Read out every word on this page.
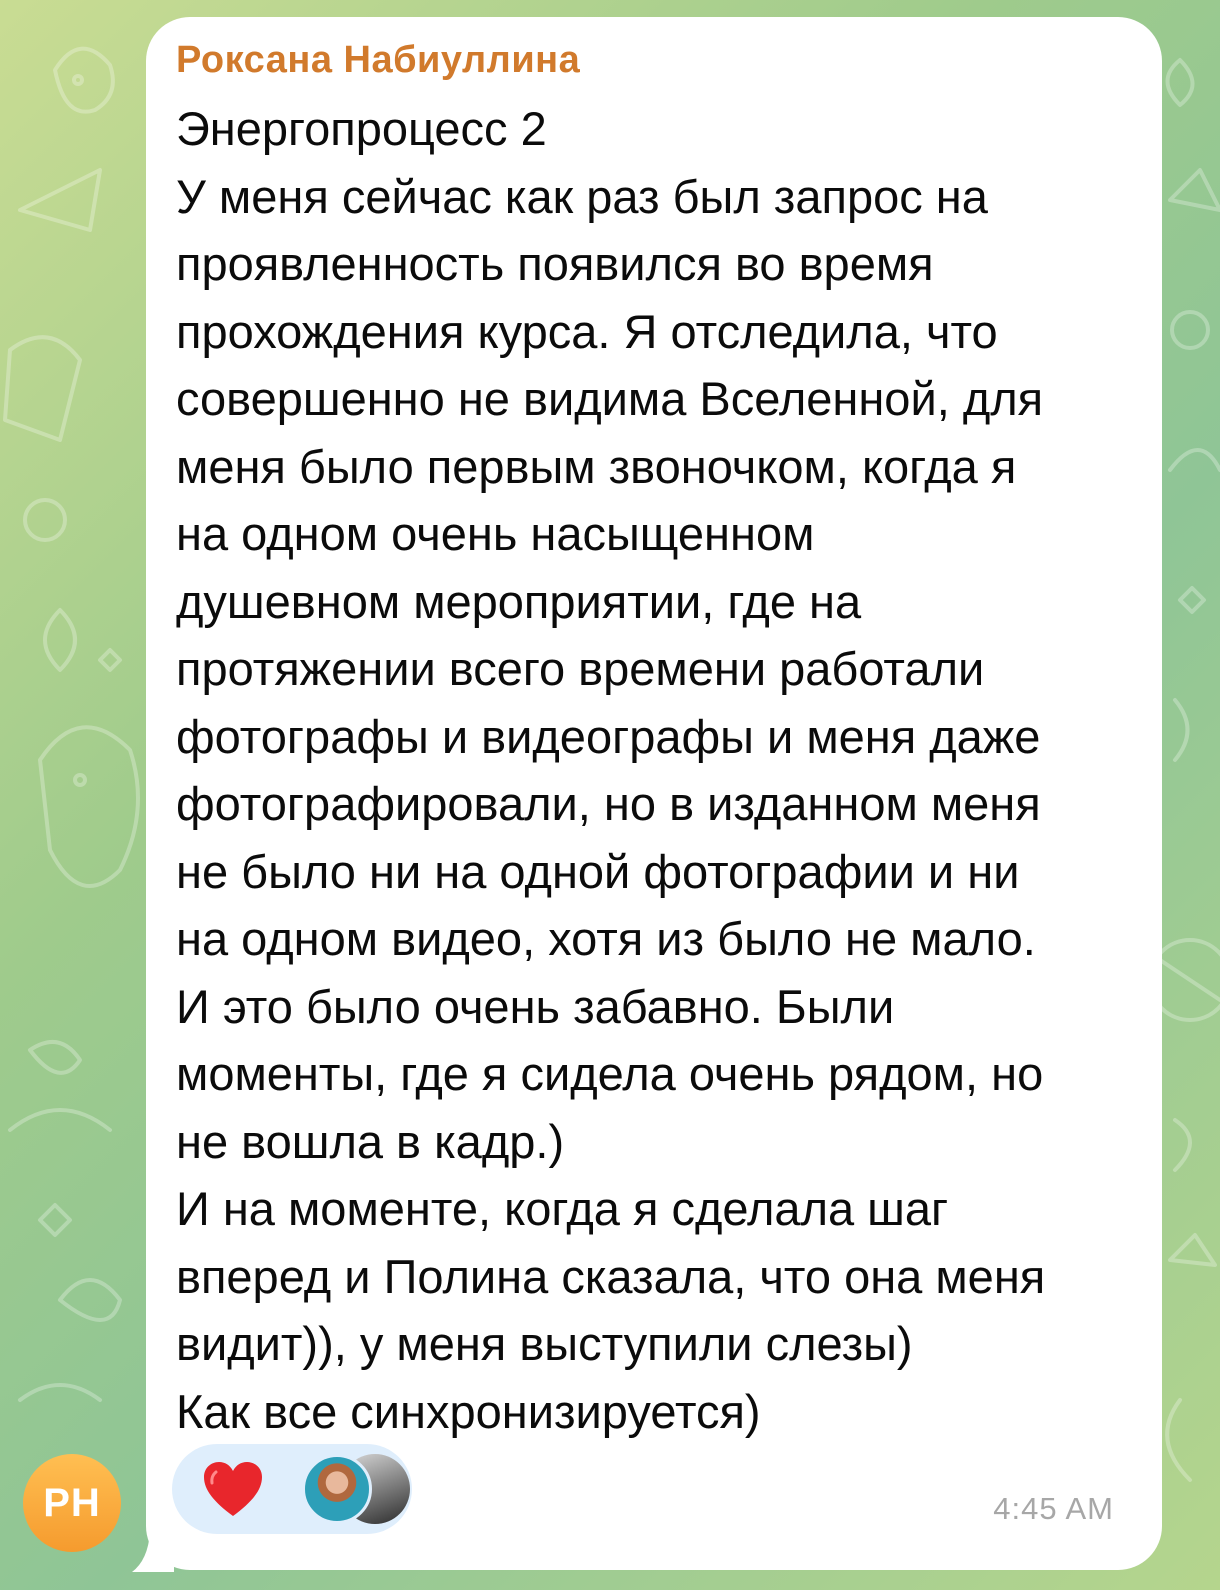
Роксана Набиуллина
Энергопроцесс 2
У меня сейчас как раз был запрос на
проявленность появился во время
прохождения курса. Я отследила, что
совершенно не видима Вселенной, для
меня было первым звоночком, когда я
на одном очень насыщенном
душевном мероприятии, где на
протяжении всего времени работали
фотографы и видеографы и меня даже
фотографировали, но в изданном меня
не было ни на одной фотографии и ни
на одном видео, хотя из было не мало.
И это было очень забавно. Были
моменты, где я сидела очень рядом, но
не вошла в кадр.)
И на моменте, когда я сделала шаг
вперед и Полина сказала, что она меня
видит)), у меня выступили слезы)
Как все синхронизируется)
4:45 AM
PH
